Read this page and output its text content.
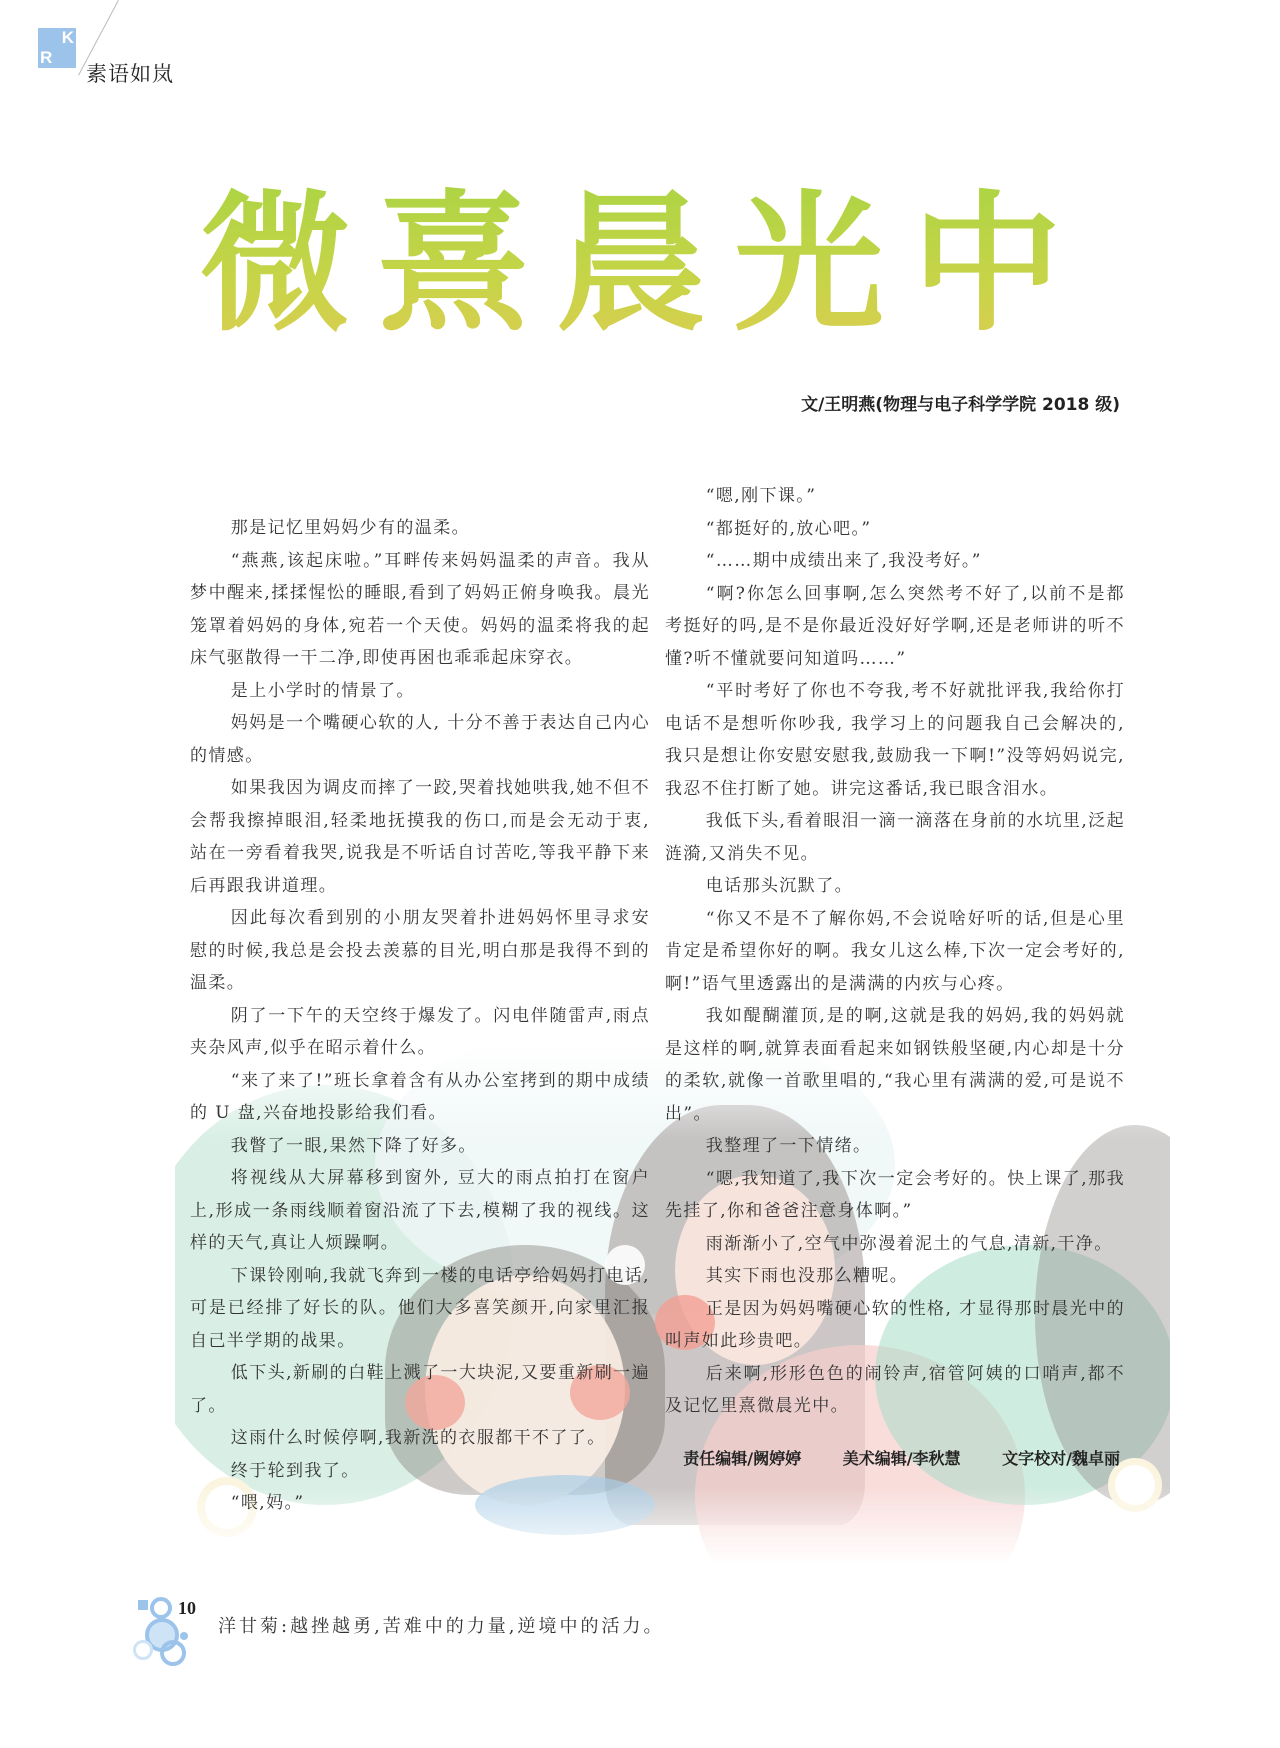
K
R
素语如岚
微熹晨光中
文/王明燕(物理与电子科学学院 2018 级)

那是记忆里妈妈少有的温柔。

“燕燕,该起床啦。”耳畔传来妈妈温柔的声音。我从梦中醒来,揉揉惺忪的睡眼,看到了妈妈正俯身唤我。晨光笼罩着妈妈的身体,宛若一个天使。妈妈的温柔将我的起床气驱散得一干二净,即使再困也乖乖起床穿衣。

是上小学时的情景了。

妈妈是一个嘴硬心软的人, 十分不善于表达自己内心的情感。

如果我因为调皮而摔了一跤,哭着找她哄我,她不但不会帮我擦掉眼泪,轻柔地抚摸我的伤口,而是会无动于衷,站在一旁看着我哭,说我是不听话自讨苦吃,等我平静下来后再跟我讲道理。

因此每次看到别的小朋友哭着扑进妈妈怀里寻求安慰的时候,我总是会投去羡慕的目光,明白那是我得不到的温柔。

阴了一下午的天空终于爆发了。闪电伴随雷声,雨点夹杂风声,似乎在昭示着什么。

“来了来了!”班长拿着含有从办公室拷到的期中成绩的 U 盘,兴奋地投影给我们看。

我瞥了一眼,果然下降了好多。

将视线从大屏幕移到窗外, 豆大的雨点拍打在窗户上,形成一条雨线顺着窗沿流了下去,模糊了我的视线。这样的天气,真让人烦躁啊。

下课铃刚响,我就飞奔到一楼的电话亭给妈妈打电话,可是已经排了好长的队。他们大多喜笑颜开,向家里汇报自己半学期的战果。

低下头,新刷的白鞋上溅了一大块泥,又要重新刷一遍了。

这雨什么时候停啊,我新洗的衣服都干不了了。

终于轮到我了。

“喂,妈。”

“嗯,刚下课。”

“都挺好的,放心吧。”

“……期中成绩出来了,我没考好。”

“啊?你怎么回事啊,怎么突然考不好了,以前不是都考挺好的吗,是不是你最近没好好学啊,还是老师讲的听不懂?听不懂就要问知道吗……”

“平时考好了你也不夸我,考不好就批评我,我给你打电话不是想听你吵我, 我学习上的问题我自己会解决的,我只是想让你安慰安慰我,鼓励我一下啊!”没等妈妈说完,我忍不住打断了她。讲完这番话,我已眼含泪水。

我低下头,看着眼泪一滴一滴落在身前的水坑里,泛起涟漪,又消失不见。

电话那头沉默了。

“你又不是不了解你妈,不会说啥好听的话,但是心里肯定是希望你好的啊。我女儿这么棒,下次一定会考好的,啊!”语气里透露出的是满满的内疚与心疼。

我如醍醐灌顶,是的啊,这就是我的妈妈,我的妈妈就是这样的啊,就算表面看起来如钢铁般坚硬,内心却是十分的柔软,就像一首歌里唱的,“我心里有满满的爱,可是说不出”。

我整理了一下情绪。

“嗯,我知道了,我下次一定会考好的。快上课了,那我先挂了,你和爸爸注意身体啊。”

雨渐渐小了,空气中弥漫着泥土的气息,清新,干净。

其实下雨也没那么糟呢。

正是因为妈妈嘴硬心软的性格, 才显得那时晨光中的叫声如此珍贵吧。

后来啊,形形色色的闹铃声,宿管阿姨的口哨声,都不及记忆里熹微晨光中。

责任编辑/阙婷婷	美术编辑/李秋慧	文字校对/魏卓丽
10
洋甘菊:越挫越勇,苦难中的力量,逆境中的活力。
